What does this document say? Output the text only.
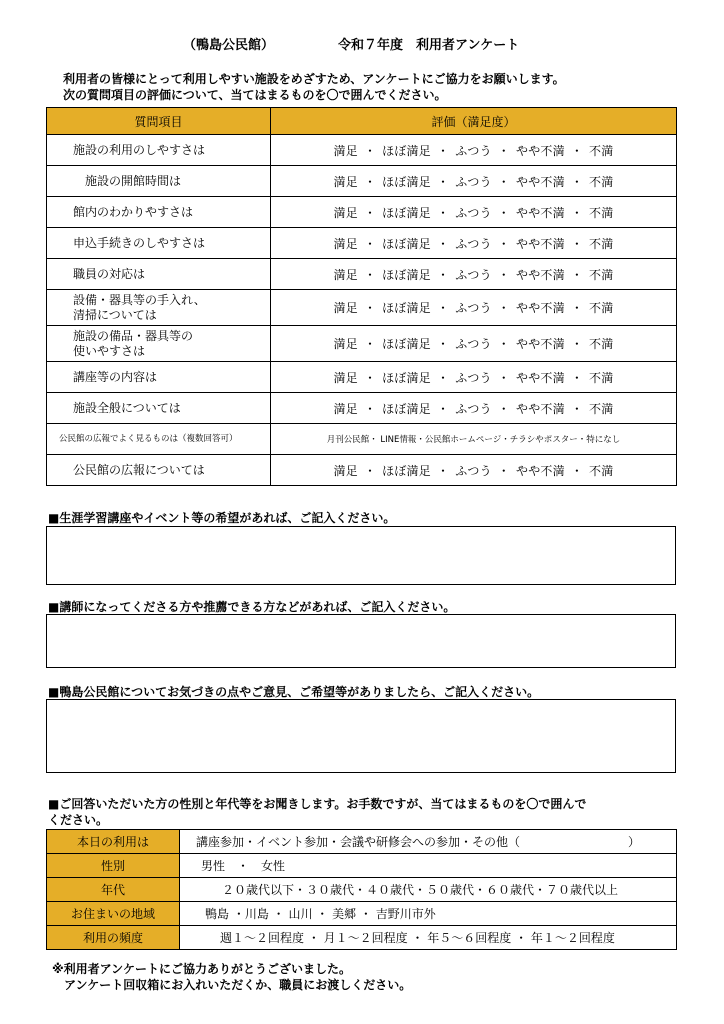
（鴨島公民館）	令和７年度　利用者アンケート
利用者の皆様にとって利用しやすい施設をめざすため、アンケートにご協力をお願いします。
次の質問項目の評価について、当てはまるものを〇で囲んでください。
質問項目	評価（満足度）
施設の利用のしやすさは	満足 ・ ほぼ満足 ・ ふつう ・ やや不満 ・ 不満
施設の開館時間は	満足 ・ ほぼ満足 ・ ふつう ・ やや不満 ・ 不満
館内のわかりやすさは	満足 ・ ほぼ満足 ・ ふつう ・ やや不満 ・ 不満
申込手続きのしやすさは	満足 ・ ほぼ満足 ・ ふつう ・ やや不満 ・ 不満
職員の対応は	満足 ・ ほぼ満足 ・ ふつう ・ やや不満 ・ 不満

設備・器具等の手入れ、
清掃については	満足 ・ ほぼ満足 ・ ふつう ・ やや不満 ・ 不満

施設の備品・器具等の
使いやすさは	満足 ・ ほぼ満足 ・ ふつう ・ やや不満 ・ 不満
講座等の内容は	満足 ・ ほぼ満足 ・ ふつう ・ やや不満 ・ 不満
施設全般については	満足 ・ ほぼ満足 ・ ふつう ・ やや不満 ・ 不満
公民館の広報でよく見るものは（複数回答可）	月刊公民館・ LINE情報・公民館ホームページ・チラシやポスター・特になし
公民館の広報については	満足 ・ ほぼ満足 ・ ふつう ・ やや不満 ・ 不満
■生涯学習講座やイベント等の希望があれば、ご記入ください。
■講師になってくださる方や推薦できる方などがあれば、ご記入ください。
■鴨島公民館についてお気づきの点やご意見、ご希望等がありましたら、ご記入ください。
■ご回答いただいた方の性別と年代等をお聞きします。お手数ですが、当てはまるものを〇で囲んで
ください。
本日の利用は	講座参加・イベント参加・会議や研修会への参加・その他（　　　　　　　　　）
性別	男性　・　女性
年代	　２０歳代以下・３０歳代・４０歳代・５０歳代・６０歳代・７０歳代以上
お住まいの地域	鴨島 ・川島 ・ 山川 ・ 美郷 ・ 吉野川市外
利用の頻度	週１～２回程度 ・ 月１～２回程度 ・ 年５～６回程度 ・ 年１～２回程度
※利用者アンケートにご協力ありがとうございました。
　アンケート回収箱にお入れいただくか、職員にお渡しください。
